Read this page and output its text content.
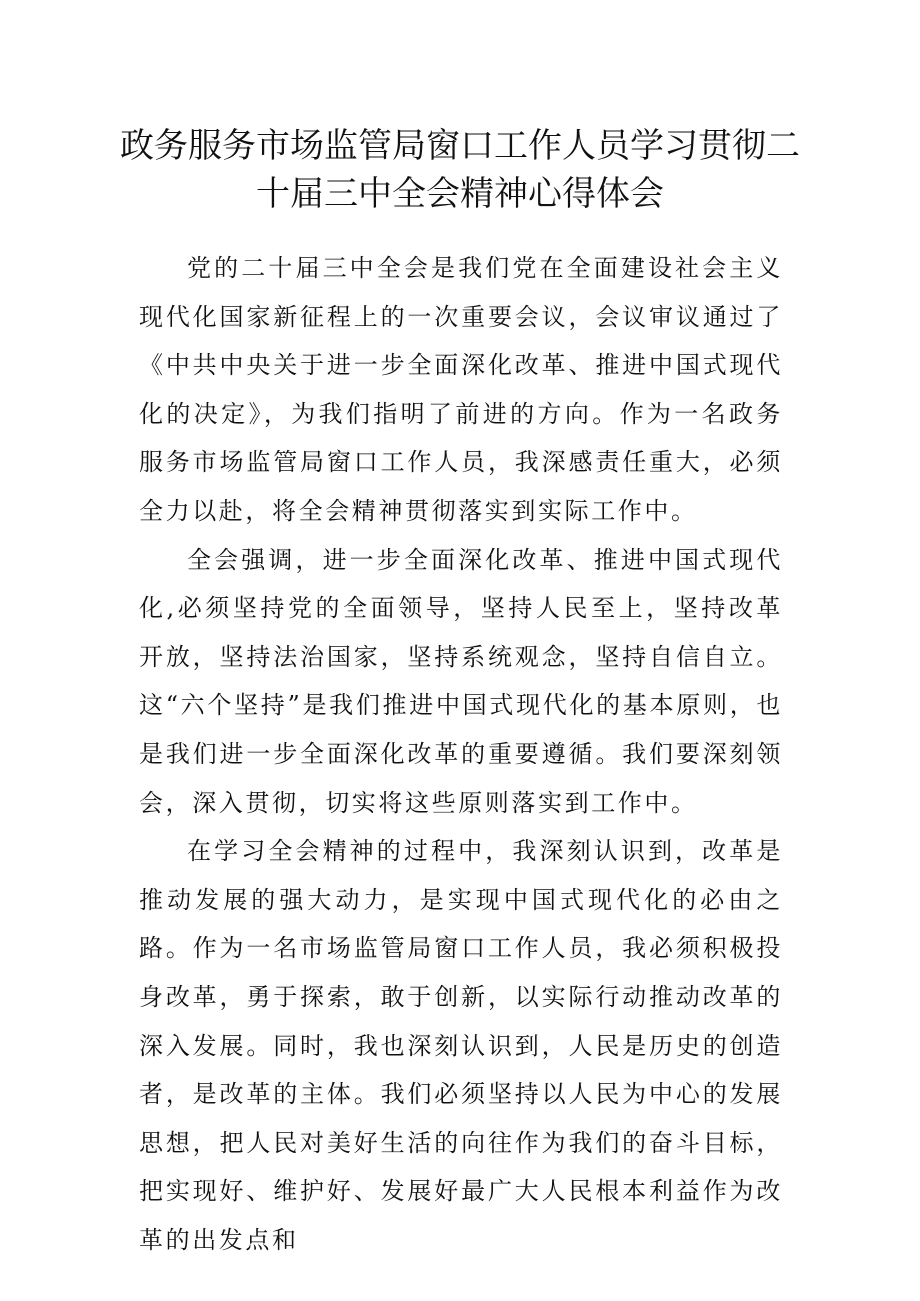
政务服务市场监管局窗口工作人员学习贯彻二
十届三中全会精神心得体会

党的二十届三中全会是我们党在全面建设社会主义现代化国家新征程上的一次重要会议，会议审议通过了《中共中央关于进一步全面深化改革、推进中国式现代化的决定》，为我们指明了前进的方向。作为一名政务服务市场监管局窗口工作人员，我深感责任重大，必须全力以赴，将全会精神贯彻落实到实际工作中。

全会强调，进一步全面深化改革、推进中国式现代化,必须坚持党的全面领导，坚持人民至上，坚持改革开放，坚持法治国家，坚持系统观念，坚持自信自立。这“六个坚持”是我们推进中国式现代化的基本原则，也是我们进一步全面深化改革的重要遵循。我们要深刻领会，深入贯彻，切实将这些原则落实到工作中。

在学习全会精神的过程中，我深刻认识到，改革是推动发展的强大动力，是实现中国式现代化的必由之路。作为一名市场监管局窗口工作人员，我必须积极投身改革，勇于探索，敢于创新，以实际行动推动改革的深入发展。同时，我也深刻认识到，人民是历史的创造者，是改革的主体。我们必须坚持以人民为中心的发展思想，把人民对美好生活的向往作为我们的奋斗目标，把实现好、维护好、发展好最广大人民根本利益作为改革的出发点和
